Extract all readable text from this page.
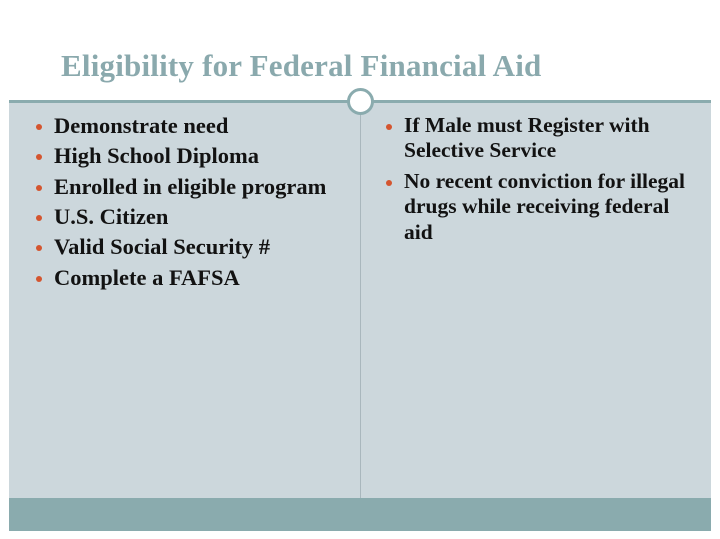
Eligibility for Federal Financial Aid
Demonstrate need
High School Diploma
Enrolled in eligible program
U.S. Citizen
Valid Social Security #
Complete a FAFSA
If Male must Register with Selective Service
No recent conviction for illegal drugs while receiving federal aid
